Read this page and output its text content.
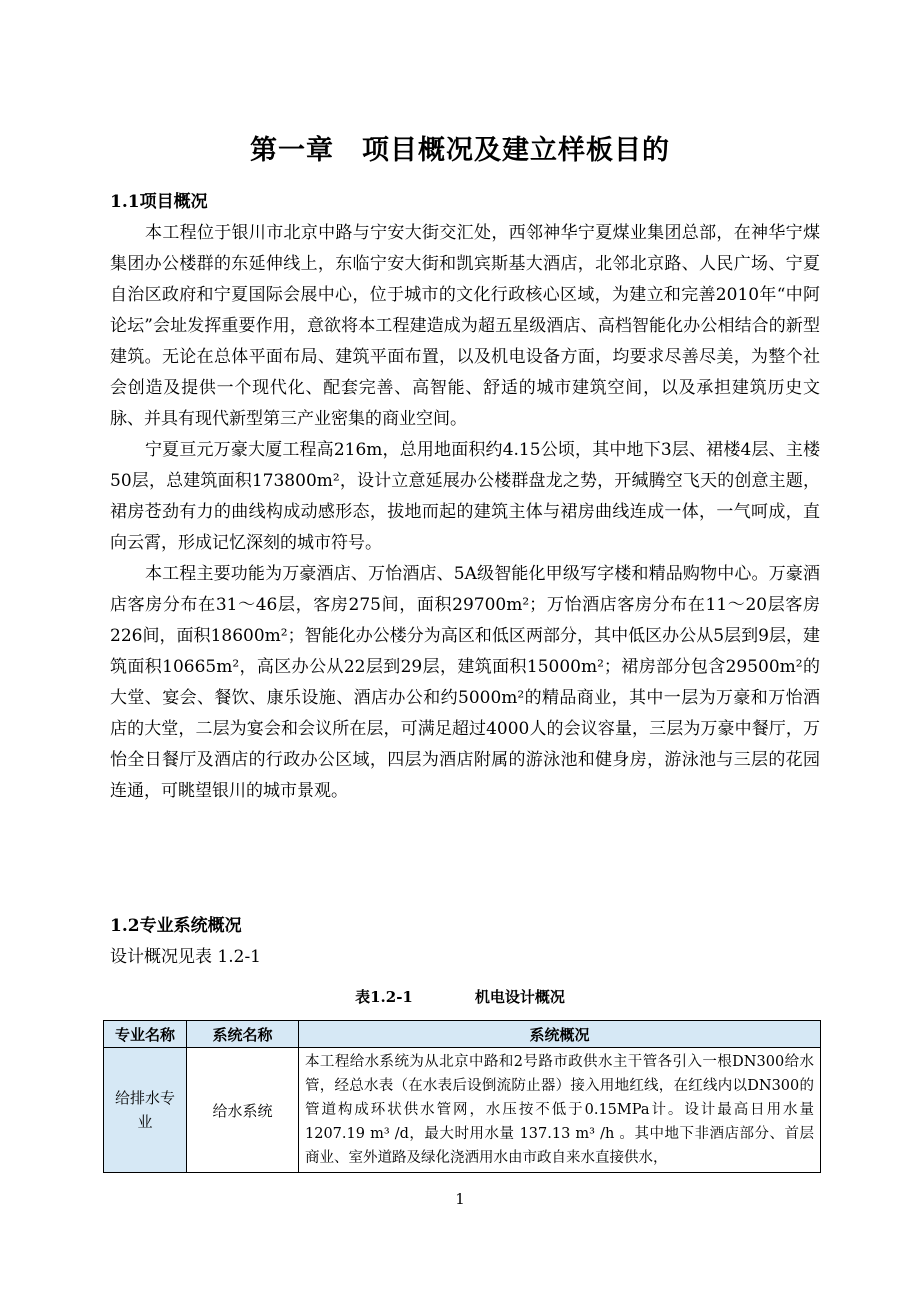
第一章　项目概况及建立样板目的
1.1项目概况

本工程位于银川市北京中路与宁安大街交汇处，西邻神华宁夏煤业集团总部，在神华宁煤集团办公楼群的东延伸线上，东临宁安大街和凯宾斯基大酒店，北邻北京路、人民广场、宁夏自治区政府和宁夏国际会展中心，位于城市的文化行政核心区域，为建立和完善2010年“中阿论坛”会址发挥重要作用，意欲将本工程建造成为超五星级酒店、高档智能化办公相结合的新型建筑。无论在总体平面布局、建筑平面布置，以及机电设备方面，均要求尽善尽美，为整个社会创造及提供一个现代化、配套完善、高智能、舒适的城市建筑空间，以及承担建筑历史文脉、并具有现代新型第三产业密集的商业空间。

宁夏亘元万豪大厦工程高216m，总用地面积约4.15公顷，其中地下3层、裙楼4层、主楼50层，总建筑面积173800m²，设计立意延展办公楼群盘龙之势，开缄腾空飞天的创意主题，裙房苍劲有力的曲线构成动感形态，拔地而起的建筑主体与裙房曲线连成一体，一气呵成，直向云霄，形成记忆深刻的城市符号。

本工程主要功能为万豪酒店、万怡酒店、5A级智能化甲级写字楼和精品购物中心。万豪酒店客房分布在31～46层，客房275间，面积29700m²；万怡酒店客房分布在11～20层客房226间，面积18600m²；智能化办公楼分为高区和低区两部分，其中低区办公从5层到9层，建筑面积10665m²，高区办公从22层到29层，建筑面积15000m²；裙房部分包含29500m²的大堂、宴会、餐饮、康乐设施、酒店办公和约5000m²的精品商业，其中一层为万豪和万怡酒店的大堂，二层为宴会和会议所在层，可满足超过4000人的会议容量，三层为万豪中餐厅，万怡全日餐厅及酒店的行政办公区域，四层为酒店附属的游泳池和健身房，游泳池与三层的花园连通，可眺望银川的城市景观。

1.2专业系统概况

设计概况见表 1.2-1

表1.2-1	机电设计概况
专业名称	系统名称	系统概况
给排水专业	给水系统	本工程给水系统为从北京中路和2号路市政供水主干管各引入一根DN300给水管，经总水表（在水表后设倒流防止器）接入用地红线，在红线内以DN300的管道构成环状供水管网，水压按不低于0.15MPa计。设计最高日用水量 1207.19 m³ /d，最大时用水量 137.13 m³ /h 。其中地下非酒店部分、首层商业、室外道路及绿化浇洒用水由市政自来水直接供水，
1
